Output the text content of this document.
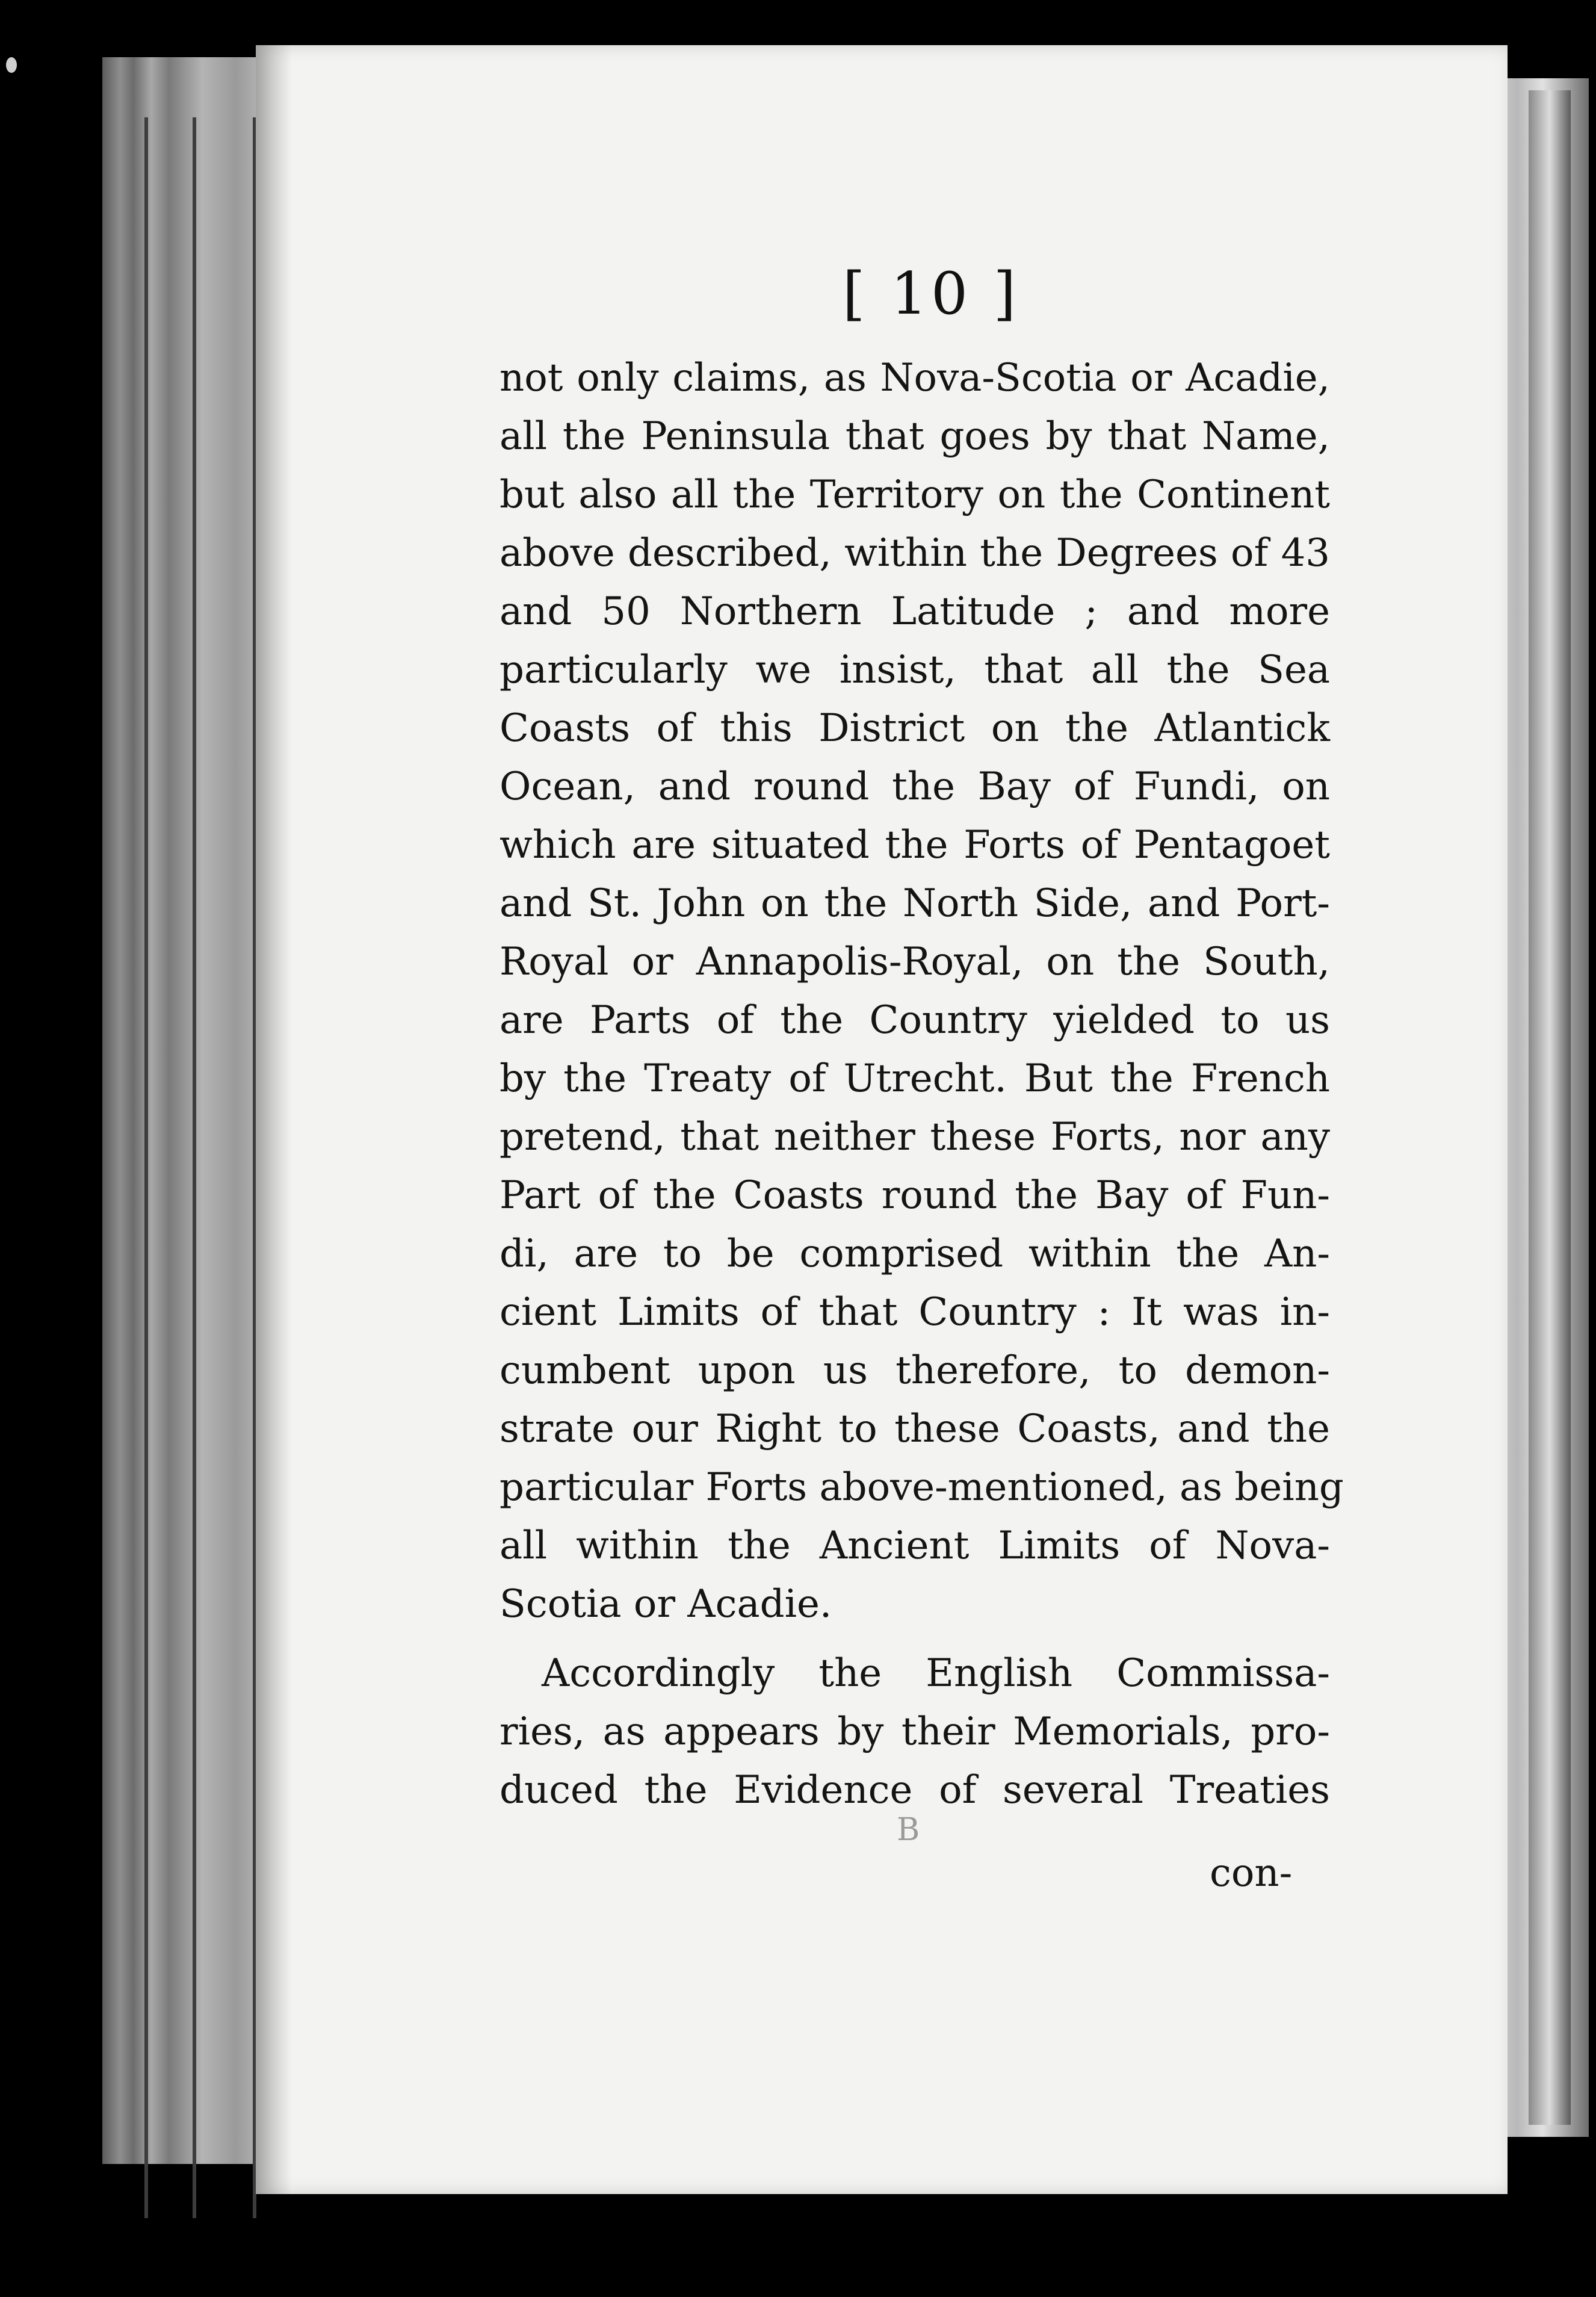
[ 10 ]
not only claims, as Nova-Scotia or Acadie,
all the Peninsula that goes by that Name,
but also all the Territory on the Continent
above described, within the Degrees of 43
and 50 Northern Latitude ; and more
particularly we insist, that all the Sea
Coasts of this District on the Atlantick
Ocean, and round the Bay of Fundi, on
which are situated the Forts of Pentagoet
and St. John on the North Side, and Port-
Royal or Annapolis-Royal, on the South,
are Parts of the Country yielded to us
by the Treaty of Utrecht. But the French
pretend, that neither these Forts, nor any
Part of the Coasts round the Bay of Fun-
di, are to be comprised within the An-
cient Limits of that Country : It was in-
cumbent upon us therefore, to demon-
strate our Right to these Coasts, and the
particular Forts above-mentioned, as being
all within the Ancient Limits of Nova-
Scotia or Acadie.
Accordingly the English Commissa-
ries, as appears by their Memorials, pro-
duced the Evidence of several Treaties
B
con-
